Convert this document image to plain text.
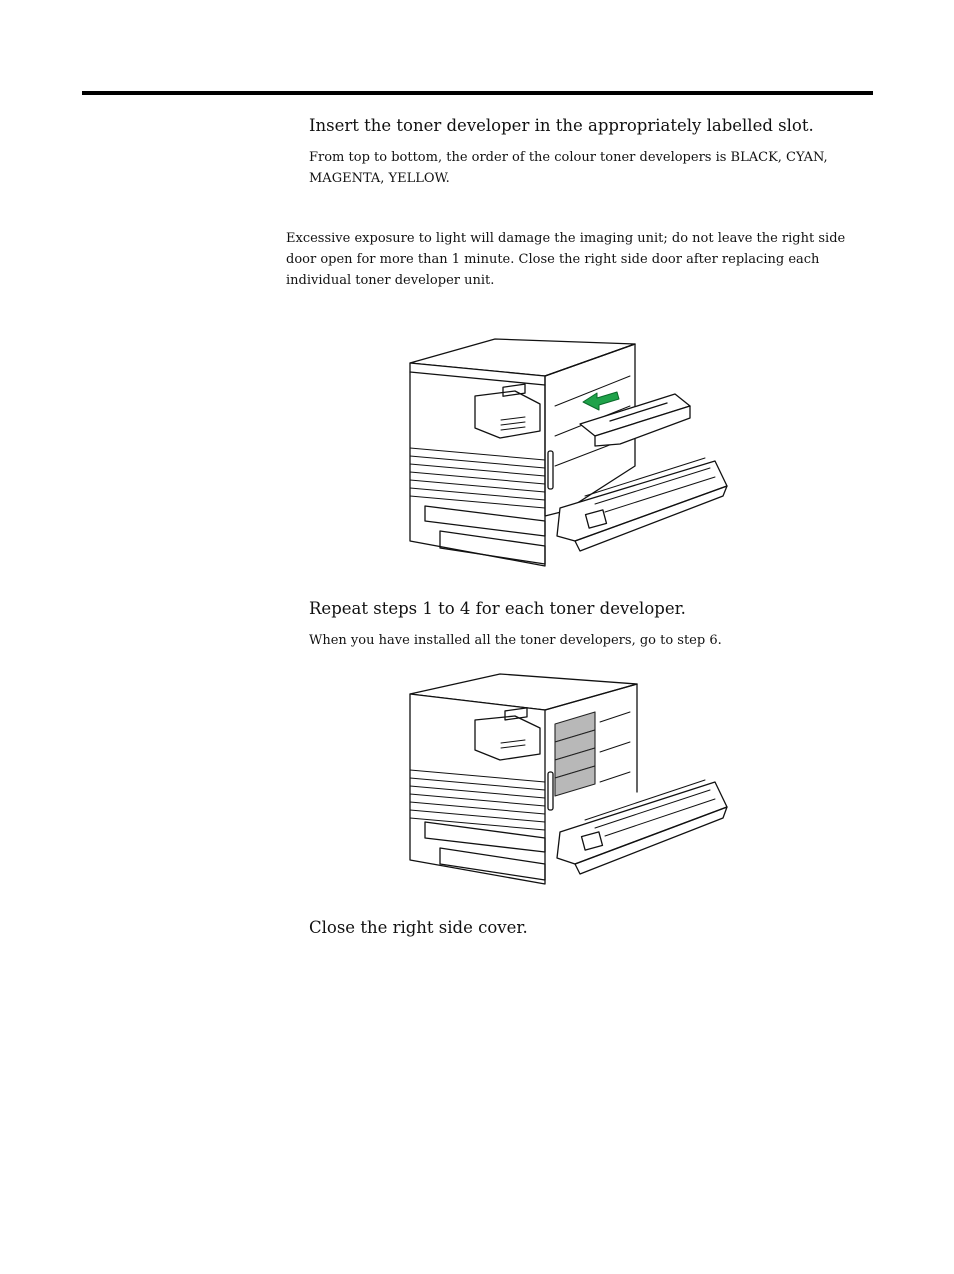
Insert the toner developer in the appropriately labelled slot.
From top to bottom, the order of the colour toner developers is BLACK, CYAN, MAGENTA, YELLOW.
Excessive exposure to light will damage the imaging unit; do not leave the right side door open for more than 1 minute. Close the right side door after replacing each individual toner developer unit.
Repeat steps 1 to 4 for each toner developer.
When you have installed all the toner developers, go to step 6.
Close the right side cover.
